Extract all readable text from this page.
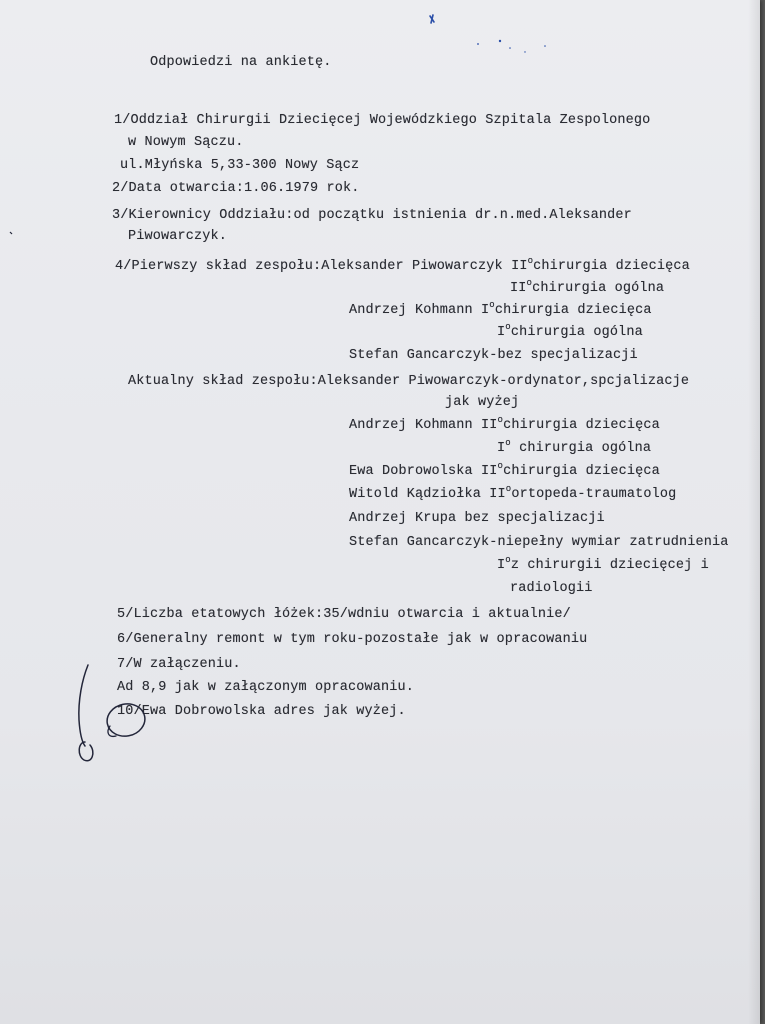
Odpowiedzi na ankietę.
1/Oddział Chirurgii Dziecięcej Wojewódzkiego Szpitala Zespolonego
w Nowym Sączu.
ul.Młyńska 5,33-300 Nowy Sącz
2/Data otwarcia:1.06.1979 rok.
3/Kierownicy Oddziału:od początku istnienia dr.n.med.Aleksander
Piwowarczyk.
4/Pierwszy skład zespołu:Aleksander Piwowarczyk $II^ochirurgia$ dziecięca
$II^ochirurgia$ ogólna
Andrzej Kohmann $I^ochirurgia$ dziecięca
$I^ochirurgia$ ogólna
Stefan Gancarczyk-bez specjalizacji
Aktualny skład zespołu:Aleksander Piwowarczyk-ordynator,spcjalizacje
jak wyżej
Andrzej Kohmann $II^ochirurgia$ dziecięca
$I^o$ chirurgia ogólna
Ewa Dobrowolska $II^ochirurgia$ dziecięca
Witold Kądziołka $II^oortopeda$-traumatolog
Andrzej Krupa bez specjalizacji
Stefan Gancarczyk-niepełny wymiar zatrudnienia
$I^oz$ chirurgii dziecięcej i
radiologii
5/Liczba etatowych łóżek:35/wdniu otwarcia i aktualnie/
6/Generalny remont w tym roku-pozostałe jak w opracowaniu
7/W załączeniu.
Ad 8,9 jak w załączonym opracowaniu.
10/Ewa Dobrowolska adres jak wyżej.
